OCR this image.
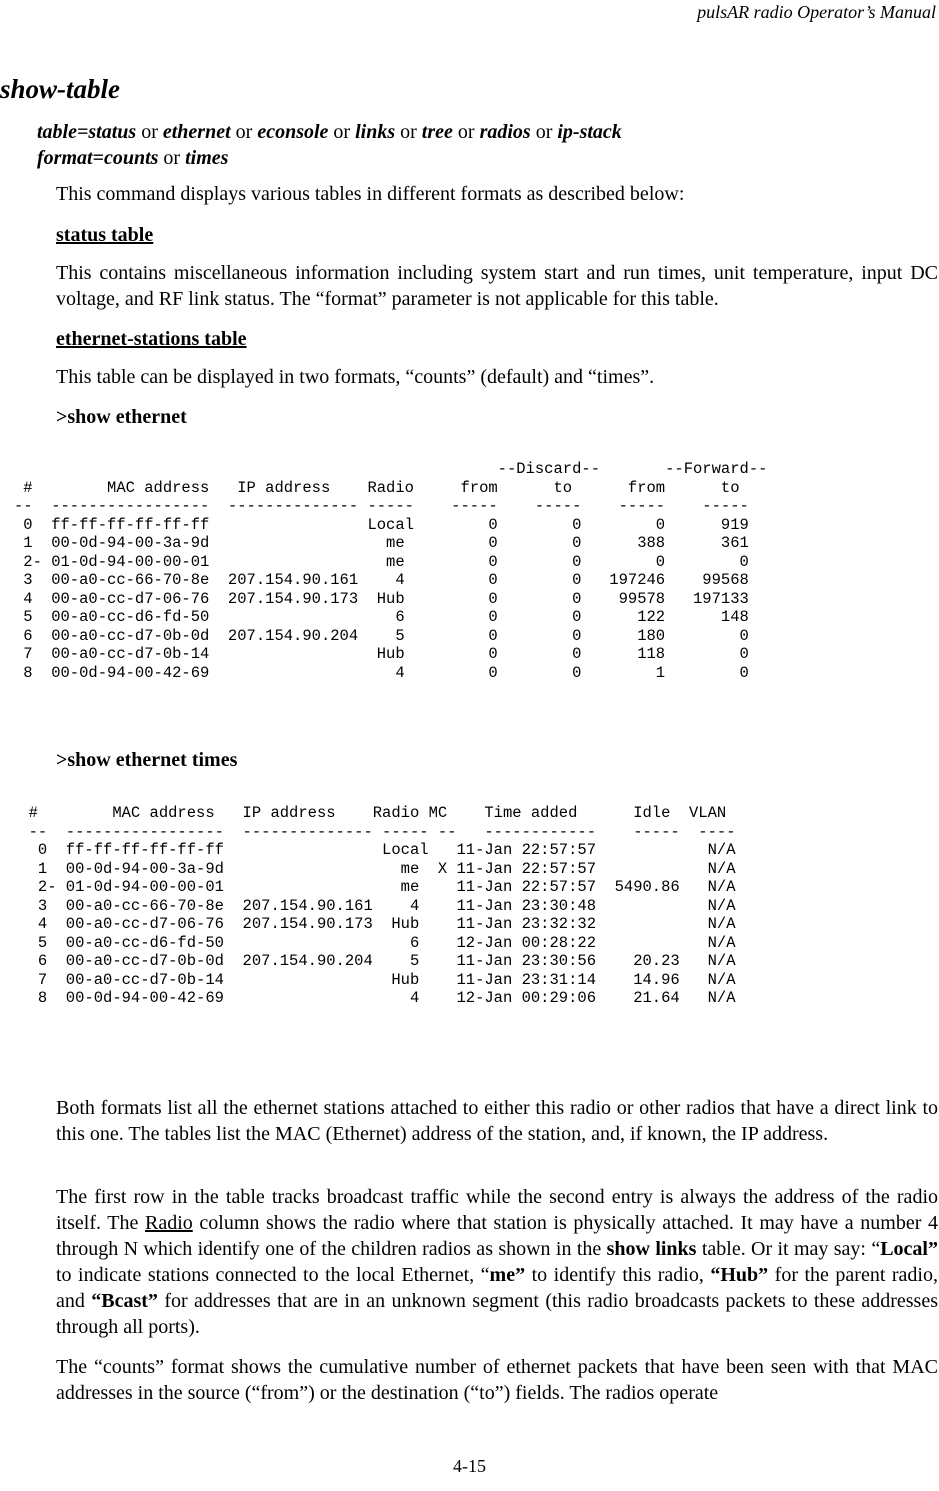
pulsAR radio Operator’s Manual
show-table
table=status or ethernet or econsole or links or tree or radios or ip-stack
format=counts or times
This command displays various tables in different formats as described below:
status table
This contains miscellaneous information including system start and run times, unit temperature, input DC voltage, and RF link status. The “format” parameter is not applicable for this table.
ethernet-stations table
This table can be displayed in two formats, “counts” (default) and “times”.
>show ethernet
--Discard--       --Forward--
#        MAC address   IP address    Radio     from      to      from      to
--  -----------------  -------------- -----    -----    -----    -----    -----
0  ff-ff-ff-ff-ff-ff                 Local        0        0        0      919
1  00-0d-94-00-3a-9d                   me         0        0      388      361
2- 01-0d-94-00-00-01                   me         0        0        0        0
3  00-a0-cc-66-70-8e  207.154.90.161    4         0        0   197246    99568
4  00-a0-cc-d7-06-76  207.154.90.173  Hub         0        0    99578   197133
5  00-a0-cc-d6-fd-50                    6         0        0      122      148
6  00-a0-cc-d7-0b-0d  207.154.90.204    5         0        0      180        0
7  00-a0-cc-d7-0b-14                  Hub         0        0      118        0
8  00-0d-94-00-42-69                    4         0        0        1        0
>show ethernet times
#        MAC address   IP address    Radio MC    Time added      Idle  VLAN
--  -----------------  -------------- ----- --   ------------    -----  ----
0  ff-ff-ff-ff-ff-ff                 Local   11-Jan 22:57:57            N/A
1  00-0d-94-00-3a-9d                   me  X 11-Jan 22:57:57            N/A
2- 01-0d-94-00-00-01                   me    11-Jan 22:57:57  5490.86   N/A
3  00-a0-cc-66-70-8e  207.154.90.161    4    11-Jan 23:30:48            N/A
4  00-a0-cc-d7-06-76  207.154.90.173  Hub    11-Jan 23:32:32            N/A
5  00-a0-cc-d6-fd-50                    6    12-Jan 00:28:22            N/A
6  00-a0-cc-d7-0b-0d  207.154.90.204    5    11-Jan 23:30:56    20.23   N/A
7  00-a0-cc-d7-0b-14                  Hub    11-Jan 23:31:14    14.96   N/A
8  00-0d-94-00-42-69                    4    12-Jan 00:29:06    21.64   N/A
Both formats list all the ethernet stations attached to either this radio or other radios that have a direct link to this one. The tables list the MAC (Ethernet) address of the station, and, if known, the IP address.
The first row in the table tracks broadcast traffic while the second entry is always the address of the radio itself. The Radio column shows the radio where that station is physically attached. It may have a number 4 through N which identify one of the children radios as shown in the show links table. Or it may say: “Local” to indicate stations connected to the local Ethernet, “me” to identify this radio, “Hub” for the parent radio, and “Bcast” for addresses that are in an unknown segment (this radio broadcasts packets to these addresses through all ports).
The “counts” format shows the cumulative number of ethernet packets that have been seen with that MAC addresses in the source (“from”) or the destination (“to”) fields. The radios operate
4-15
